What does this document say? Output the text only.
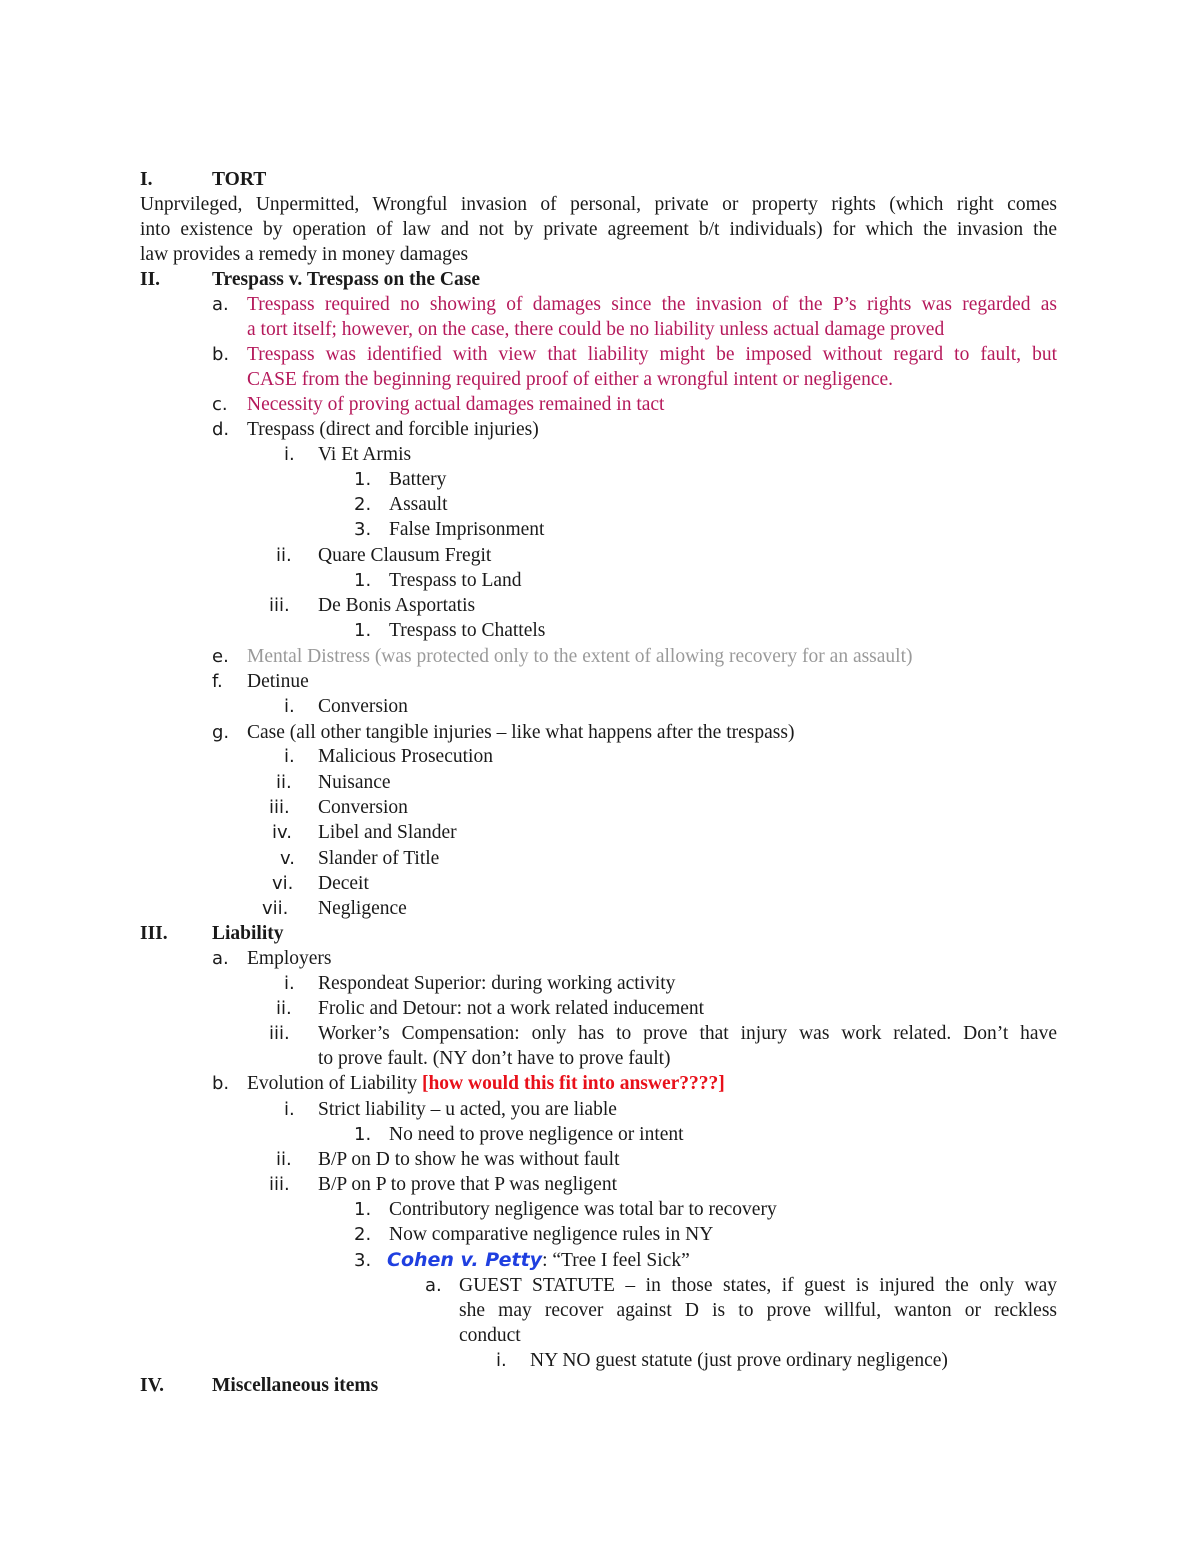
I.	TORT
Unprvileged, Unpermitted, Wrongful invasion of personal, private or property rights (which right comes
into existence by operation of law and not by private agreement b/t individuals) for which the invasion the
law provides a remedy in money damages
II.	Trespass v. Trespass on the Case
a. Trespass required no showing of damages since the invasion of the P’s rights was regarded as
a tort itself; however, on the case, there could be no liability unless actual damage proved
b. Trespass was identified with view that liability might be imposed without regard to fault, but
CASE from the beginning required proof of either a wrongful intent or negligence.
c. Necessity of proving actual damages remained in tact
d. Trespass (direct and forcible injuries)
i. Vi Et Armis
1. Battery
2. Assault
3. False Imprisonment
ii. Quare Clausum Fregit
1. Trespass to Land
iii. De Bonis Asportatis
1. Trespass to Chattels
e. Mental Distress (was protected only to the extent of allowing recovery for an assault)
f. Detinue
i. Conversion
g. Case (all other tangible injuries – like what happens after the trespass)
i. Malicious Prosecution
ii. Nuisance
iii. Conversion
iv. Libel and Slander
v. Slander of Title
vi. Deceit
vii. Negligence
III. Liability
a. Employers
i. Respondeat Superior: during working activity
ii. Frolic and Detour: not a work related inducement
iii. Worker’s Compensation: only has to prove that injury was work related. Don’t have
to prove fault. (NY don’t have to prove fault)
b. Evolution of Liability [how would this fit into answer????]
i. Strict liability – u acted, you are liable
1. No need to prove negligence or intent
ii. B/P on D to show he was without fault
iii. B/P on P to prove that P was negligent
1. Contributory negligence was total bar to recovery
2. Now comparative negligence rules in NY
3. Cohen v. Petty: “Tree I feel Sick”
a. GUEST STATUTE – in those states, if guest is injured the only way
she may recover against D is to prove willful, wanton or reckless
conduct
i. NY NO guest statute (just prove ordinary negligence)
IV. Miscellaneous items
